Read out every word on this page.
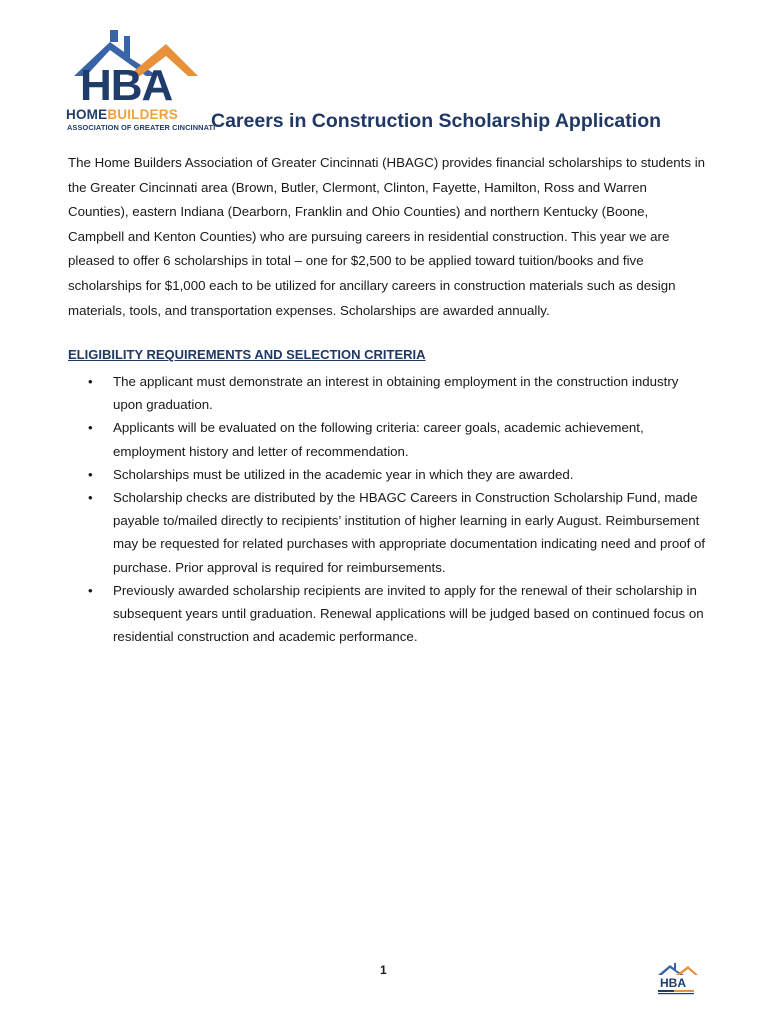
HBA
HOMEBUILDERS
ASSOCIATION OF GREATER CINCINNATI
Careers in Construction Scholarship Application

The Home Builders Association of Greater Cincinnati (HBAGC) provides financial scholarships to students in the Greater Cincinnati area (Brown, Butler, Clermont, Clinton, Fayette, Hamilton, Ross and Warren Counties), eastern Indiana (Dearborn, Franklin and Ohio Counties) and northern Kentucky (Boone, Campbell and Kenton Counties) who are pursuing careers in residential construction. This year we are pleased to offer 6 scholarships in total – one for $2,500 to be applied toward tuition/books and five scholarships for $1,000 each to be utilized for ancillary careers in construction materials such as design materials, tools, and transportation expenses. Scholarships are awarded annually.

ELIGIBILITY REQUIREMENTS AND SELECTION CRITERIA
• The applicant must demonstrate an interest in obtaining employment in the construction industry upon graduation.
• Applicants will be evaluated on the following criteria: career goals, academic achievement, employment history and letter of recommendation.
• Scholarships must be utilized in the academic year in which they are awarded.
• Scholarship checks are distributed by the HBAGC Careers in Construction Scholarship Fund, made payable to/mailed directly to recipients’ institution of higher learning in early August. Reimbursement may be requested for related purchases with appropriate documentation indicating need and proof of purchase. Prior approval is required for reimbursements.
• Previously awarded scholarship recipients are invited to apply for the renewal of their scholarship in subsequent years until graduation. Renewal applications will be judged based on continued focus on residential construction and academic performance.
1
HBA
